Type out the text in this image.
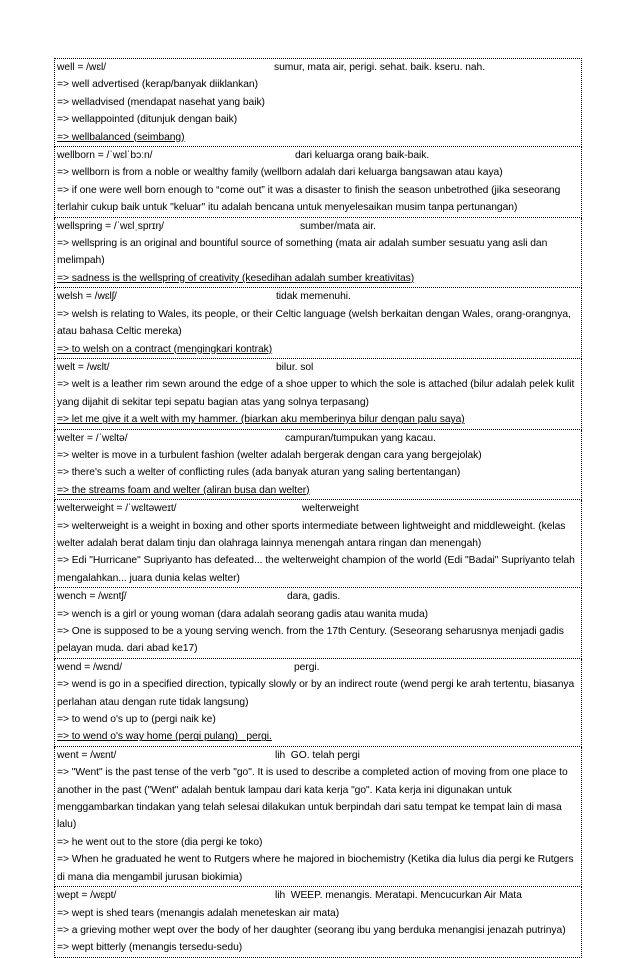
well = /wɛl/	sumur, mata air, perigi. sehat. baik. kseru. nah.
=> well advertised (kerap/banyak diiklankan)
=> welladvised (mendapat nasehat yang baik)
=> wellappointed (ditunjuk dengan baik)
=> wellbalanced (seimbang)
wellborn = /ˈwɛlˈbɔːn/	dari keluarga orang baik-baik.
=> wellborn is from a noble or wealthy family (wellborn adalah dari keluarga bangsawan atau kaya)
=> if one were well born enough to “come out” it was a disaster to finish the season unbetrothed (jika seseorang terlahir cukup baik untuk "keluar" itu adalah bencana untuk menyelesaikan musim tanpa pertunangan)
wellspring = /ˈwɛlˌsprɪŋ/	sumber/mata air.
=> wellspring is an original and bountiful source of something (mata air adalah sumber sesuatu yang asli dan melimpah)
=> sadness is the wellspring of creativity (kesedihan adalah sumber kreativitas)
welsh = /wɛlʃ/	tidak memenuhi.
=> welsh is relating to Wales, its people, or their Celtic language (welsh berkaitan dengan Wales, orang-orangnya, atau bahasa Celtic mereka)
=> to welsh on a contract (mengingkari kontrak)
welt = /wɛlt/	bilur. sol
=> welt is a leather rim sewn around the edge of a shoe upper to which the sole is attached (bilur adalah pelek kulit yang dijahit di sekitar tepi sepatu bagian atas yang solnya terpasang)
=> let me give it a welt with my hammer. (biarkan aku memberinya bilur dengan palu saya)
welter = /ˈwɛltə/	campuran/tumpukan yang kacau.
=> welter is move in a turbulent fashion (welter adalah bergerak dengan cara yang bergejolak)
=> there's such a welter of conflicting rules (ada banyak aturan yang saling bertentangan)
=> the streams foam and welter (aliran busa dan welter)
welterweight = /ˈwɛltəweɪt/	welterweight
=> welterweight is a weight in boxing and other sports intermediate between lightweight and middleweight. (kelas welter adalah berat dalam tinju dan olahraga lainnya menengah antara ringan dan menengah)
=> Edi "Hurricane" Supriyanto has defeated... the welterweight champion of the world (Edi "Badai" Supriyanto telah mengalahkan... juara dunia kelas welter)
wench = /wɛntʃ/	dara, gadis.
=> wench is a girl or young woman (dara adalah seorang gadis atau wanita muda)
=> One is supposed to be a young serving wench. from the 17th Century. (Seseorang seharusnya menjadi gadis pelayan muda. dari abad ke17)
wend = /wɛnd/	pergi.
=> wend is go in a specified direction, typically slowly or by an indirect route (wend pergi ke arah tertentu, biasanya perlahan atau dengan rute tidak langsung)
=> to wend o's up to (pergi naik ke)
=> to wend o's way home (pergi pulang)   pergi.
went = /wɛnt/	lih  GO. telah pergi
=> "Went" is the past tense of the verb "go". It is used to describe a completed action of moving from one place to another in the past ("Went" adalah bentuk lampau dari kata kerja "go". Kata kerja ini digunakan untuk menggambarkan tindakan yang telah selesai dilakukan untuk berpindah dari satu tempat ke tempat lain di masa lalu)
=> he went out to the store (dia pergi ke toko)
=> When he graduated he went to Rutgers where he majored in biochemistry (Ketika dia lulus dia pergi ke Rutgers di mana dia mengambil jurusan biokimia)
wept = /wɛpt/	lih  WEEP. menangis. Meratapi. Mencucurkan Air Mata
=> wept is shed tears (menangis adalah meneteskan air mata)
=> a grieving mother wept over the body of her daughter (seorang ibu yang berduka menangisi jenazah putrinya)
=> wept bitterly (menangis tersedu-sedu)
